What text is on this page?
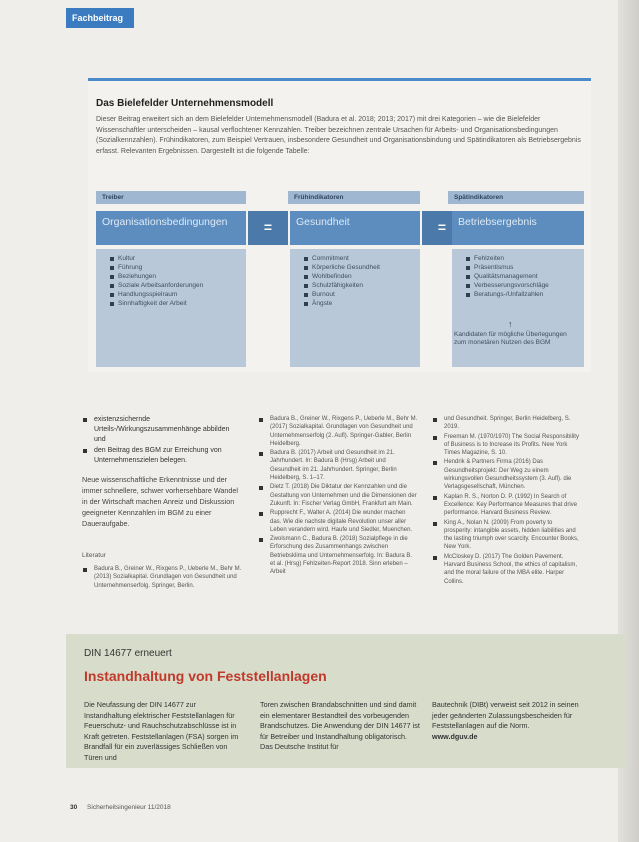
Fachbeitrag
Das Bielefelder Unternehmensmodell
Dieser Beitrag erweitert sich an dem Bielefelder Unternehmensmodell (Badura et al. 2018; 2013; 2017) mit drei Kategorien – wie die Bielefelder Wissenschaftler unterscheiden – kausal verflochtener Kennzahlen. Treiber bezeichnen zentrale Ursachen für Arbeits- und Organisationsbedingungen (Sozialkennzahlen). Frühindikatoren, zum Beispiel Vertrauen, insbesondere Gesundheit und Organisationsbindung und Spätindikatoren als Betriebsergebnis erfasst. Relevanten Ergebnissen. Dargestellt ist die folgende Tabelle:
Treiber	Frühindikatoren	Spätindikatoren
Organisationsbedingungen	=	Gesundheit	=	Betriebsergebnis
Kultur
Führung
Beziehungen
Soziale Arbeitsanforderungen
Handlungsspielraum
Sinnhaftigkeit der Arbeit
Commitment
Körperliche Gesundheit
Wohlbefinden
Schulzfähigkeiten
Burnout
Ängste
Fehlzeiten
Präsentismus
Qualitätsmanagement
Verbesserungsvorschläge
Beratungs-/Unfallzahlen
↑
Kandidaten für mögliche Überlegungen zum monetären Nutzen des BGM
existenzsichernde Urteils-/Wirkungszusammenhänge abbilden und
den Beitrag des BGM zur Erreichung von Unternehmenszielen belegen.

Neue wissenschaftliche Erkenntnisse und der immer schnellere, schwer vorhersehbare Wandel in der Wirtschaft machen Anreiz und Diskussion geeigneter Kennzahlen im BGM zu einer Daueraufgabe.

Literatur
Badura B., Greiner W., Rixgens P., Ueberle M., Behr M. (2013) Sozialkapital. Grundlagen von Gesundheit und Unternehmenserfolg. Springer, Berlin.
Badura B., Greiner W., Rixgens P., Ueberle M., Behr M. (2017) Sozialkapital. Grundlagen von Gesundheit und Unternehmenserfolg (2. Aufl). Springer-Gabler, Berlin Heidelberg.
Badura B. (2017) Arbeit und Gesundheit im 21. Jahrhundert. In: Badura B (Hrsg) Arbeit und Gesundheit im 21. Jahrhundert. Springer, Berlin Heidelberg, S. 1–17.
Dietz T. (2018) Die Diktatur der Kennzahlen und die Gestaltung von Unternehmen und die Dimensionen der Zukunft. In: Fischer Verlag GmbH, Frankfurt am Main.
Rupprecht F., Walter A. (2014) Die wunder machen das. Wie die nachste digitale Revolution unser aller Leben verandern wird. Haufe und Siedler, Muenchen.
Zwolsmann C., Badura B. (2018) Sozialpflege in die Erforschung des Zusammenhangs zwischen Betriebsklima und Unternehmenserfolg. In: Badura B. et al. (Hrsg) Fehlzeiten-Report 2018. Sinn erleben – Arbeit
und Gesundheit. Springer, Berlin Heidelberg, S. 2019.
Freeman M. (1970/1970) The Social Responsibility of Business is to Increase its Profits. New York Times Magazine, S. 10.
Hendrik & Partners Firma (2016) Das Gesundheitsprojekt: Der Weg zu einem wirkungsvollen Gesundheitssystem (3. Aufl). die Verlagsgesellschaft, München.
Kaplan R. S., Norton D. P. (1992) In Search of Excellence: Key Performance Measures that drive performance. Harvard Business Review.
King A., Nolan N. (2009) From poverty to prosperity: intangible assets, hidden liabilities and the lasting triumph over scarcity. Encounter Books, New York.
McCloskey D. (2017) The Golden Pavement. Harvard Business School, the ethics of capitalism, and the moral failure of the MBA elite. Harper Collins.
DIN 14677 erneuert
Instandhaltung von Feststellanlagen
Die Neufassung der DIN 14677 zur Instandhaltung elektrischer Feststellanlagen für Feuerschutz- und Rauchschutzabschlüsse ist in Kraft getreten. Feststellanlagen (FSA) sorgen im Brandfall für ein zuverlässiges Schließen von Türen und
Toren zwischen Brandabschnitten und sind damit ein elementarer Bestandteil des vorbeugenden Brandschutzes. Die Anwendung der DIN 14677 ist für Betreiber und Instandhaltung obligatorisch. Das Deutsche Institut für
Bautechnik (DIBt) verweist seit 2012 in seinen jeder geänderten Zulassungsbescheiden für Feststellanlagen auf die Norm.
www.dguv.de
30 Sicherheitsingenieur 11/2018
